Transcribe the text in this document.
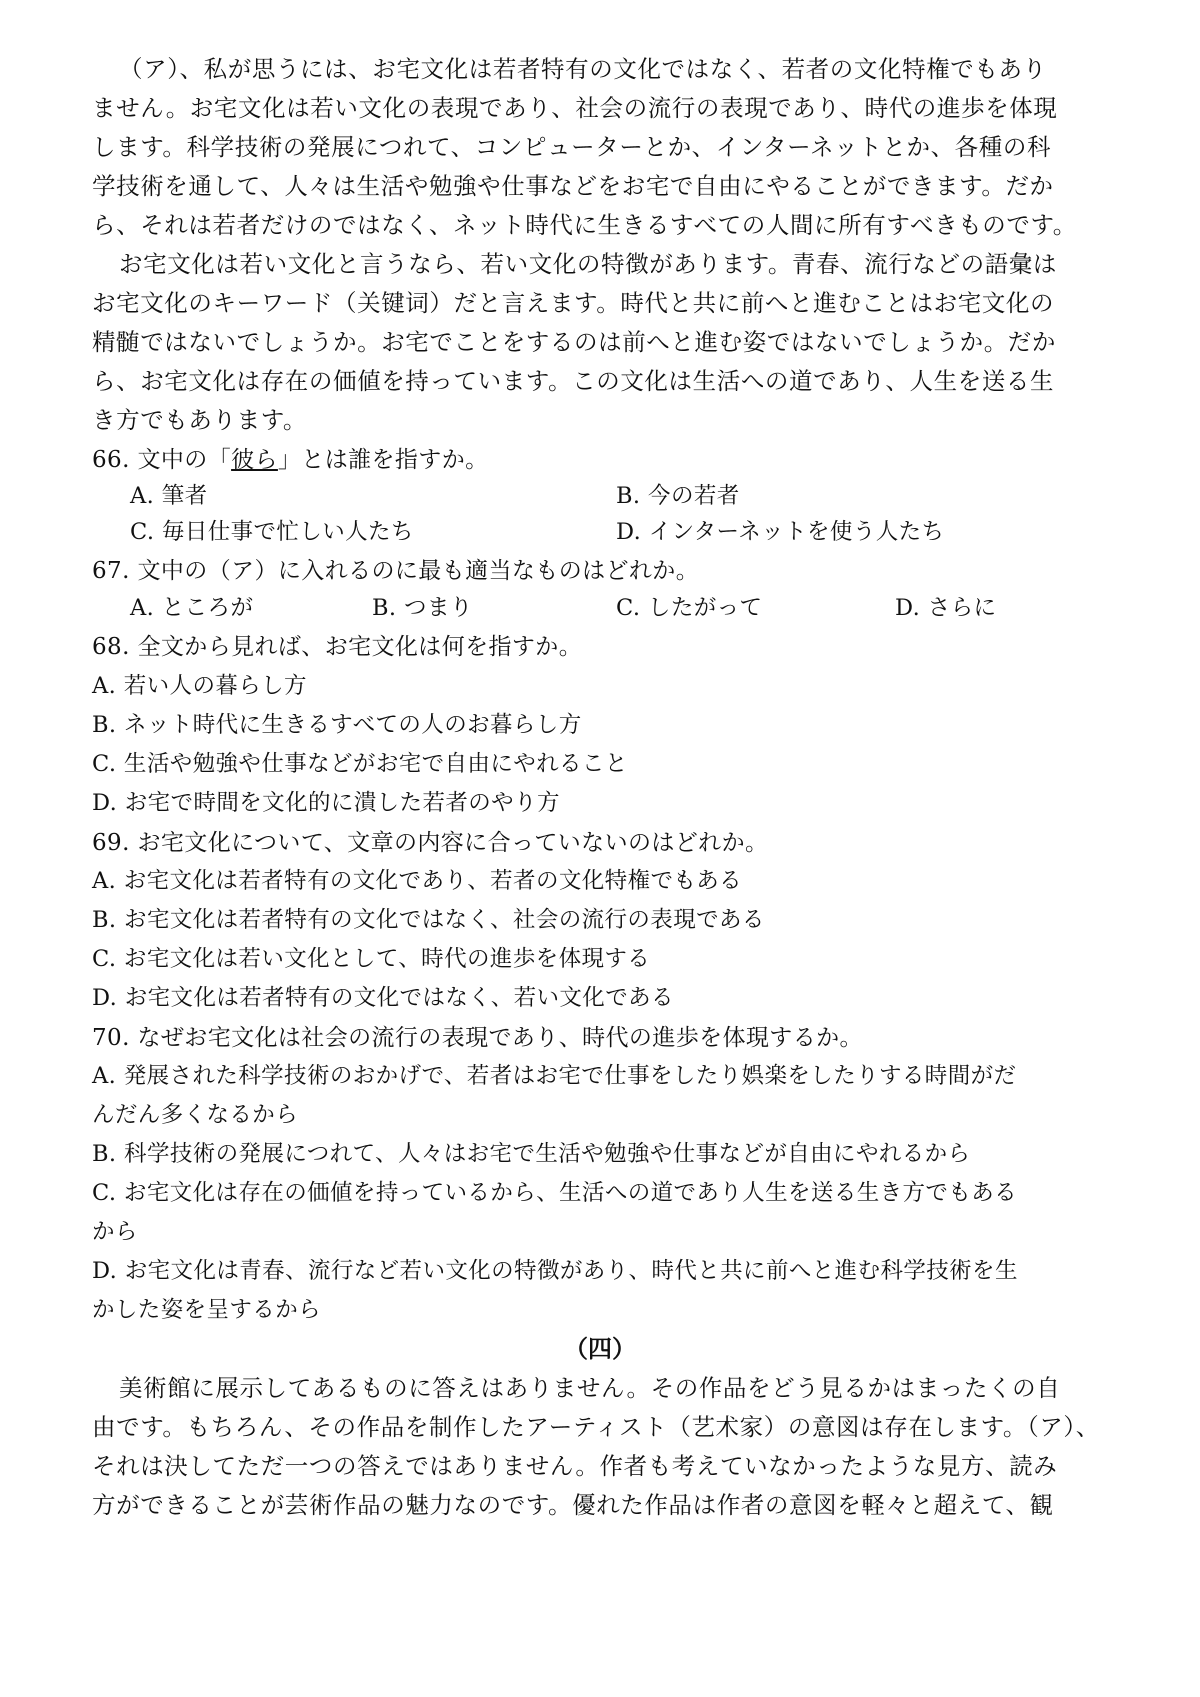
（ア）、私が思うには、お宅文化は若者特有の文化ではなく、若者の文化特権でもあり
ません。お宅文化は若い文化の表現であり、社会の流行の表現であり、時代の進歩を体現
します。科学技術の発展につれて、コンピューターとか、インターネットとか、各種の科
学技術を通して、人々は生活や勉強や仕事などをお宅で自由にやることができます。だか
ら、それは若者だけのではなく、ネット時代に生きるすべての人間に所有すべきものです。
お宅文化は若い文化と言うなら、若い文化の特徴があります。青春、流行などの語彙は
お宅文化のキーワード（关键词）だと言えます。時代と共に前へと進むことはお宅文化の
精髄ではないでしょうか。お宅でことをするのは前へと進む姿ではないでしょうか。だか
ら、お宅文化は存在の価値を持っています。この文化は生活への道であり、人生を送る生
き方でもあります。
66. 文中の「彼ら」とは誰を指すか。
A. 筆者	B. 今の若者
C. 毎日仕事で忙しい人たち	D. インターネットを使う人たち
67. 文中の（ア）に入れるのに最も適当なものはどれか。
A. ところが	B. つまり	C. したがって	D. さらに
68. 全文から見れば、お宅文化は何を指すか。
A. 若い人の暮らし方
B. ネット時代に生きるすべての人のお暮らし方
C. 生活や勉強や仕事などがお宅で自由にやれること
D. お宅で時間を文化的に潰した若者のやり方
69. お宅文化について、文章の内容に合っていないのはどれか。
A. お宅文化は若者特有の文化であり、若者の文化特権でもある
B. お宅文化は若者特有の文化ではなく、社会の流行の表現である
C. お宅文化は若い文化として、時代の進歩を体現する
D. お宅文化は若者特有の文化ではなく、若い文化である
70. なぜお宅文化は社会の流行の表現であり、時代の進歩を体現するか。
A. 発展された科学技術のおかげで、若者はお宅で仕事をしたり娯楽をしたりする時間がだ
んだん多くなるから
B. 科学技術の発展につれて、人々はお宅で生活や勉強や仕事などが自由にやれるから
C. お宅文化は存在の価値を持っているから、生活への道であり人生を送る生き方でもある
から
D. お宅文化は青春、流行など若い文化の特徴があり、時代と共に前へと進む科学技術を生
かした姿を呈するから
（四）
美術館に展示してあるものに答えはありません。その作品をどう見るかはまったくの自
由です。もちろん、その作品を制作したアーティスト（艺术家）の意図は存在します。（ア）、
それは決してただ一つの答えではありません。作者も考えていなかったような見方、読み
方ができることが芸術作品の魅力なのです。優れた作品は作者の意図を軽々と超えて、観
